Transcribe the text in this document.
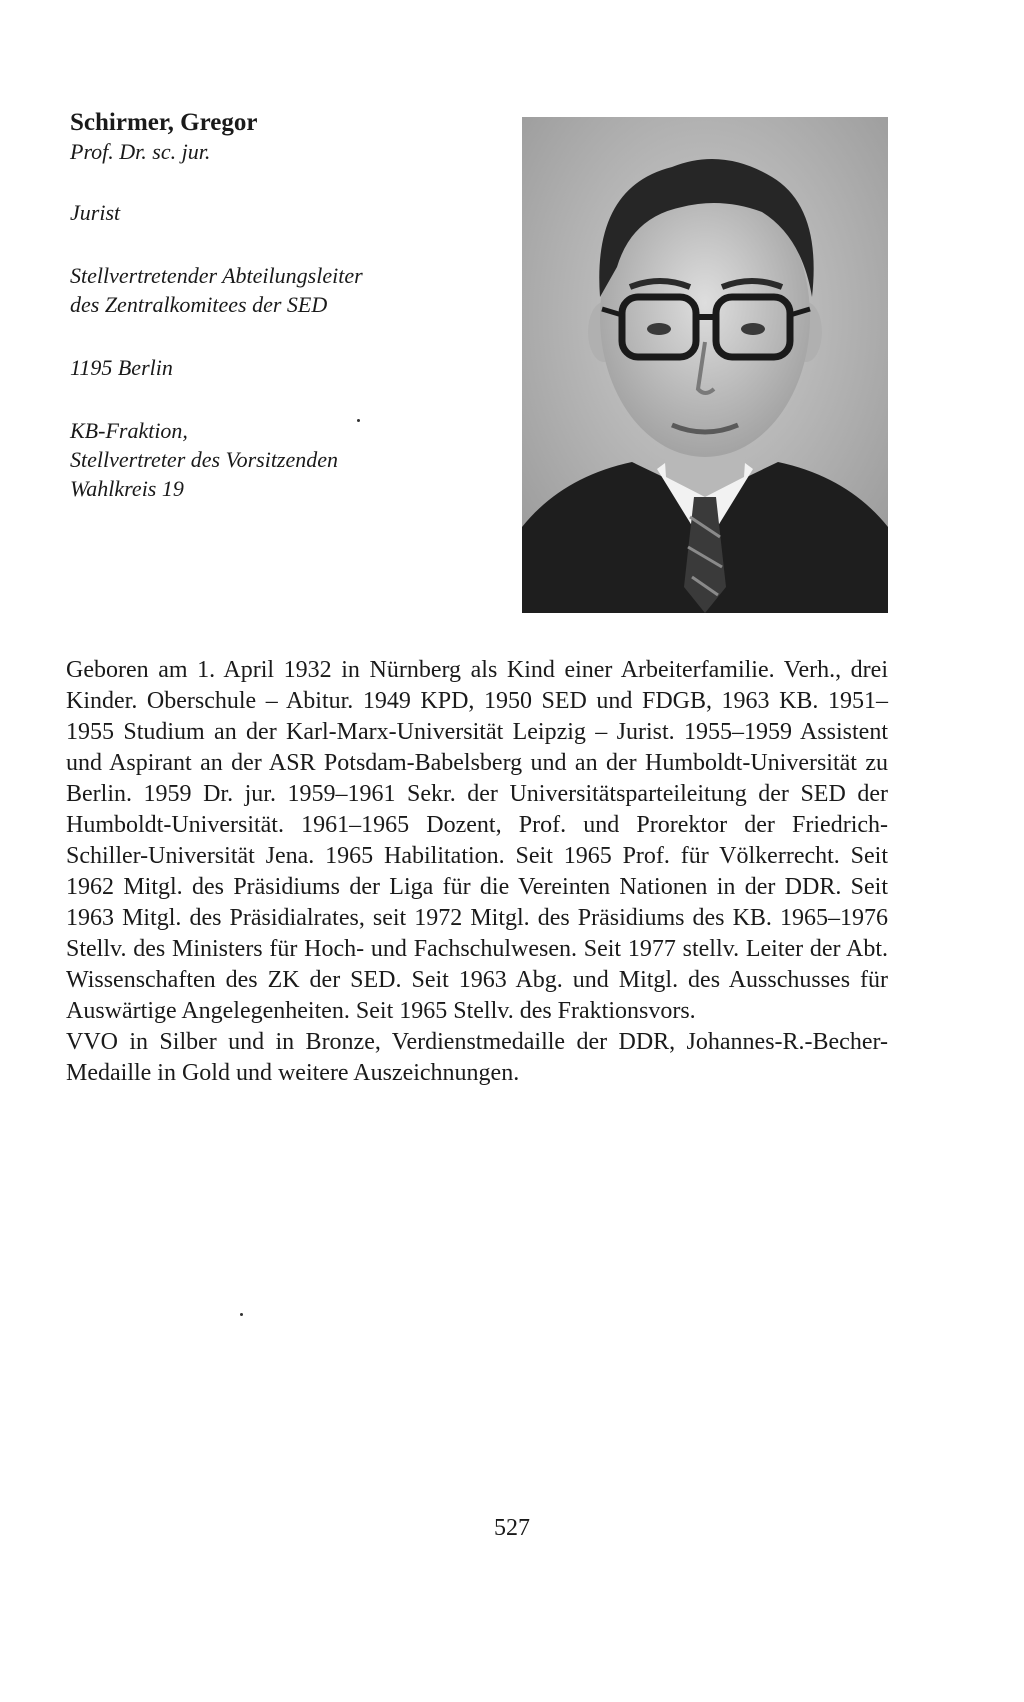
Schirmer, Gregor

Prof. Dr. sc. jur.

Jurist

Stellvertretender Abteilungsleiter

des Zentralkomitees der SED

1195 Berlin

KB-Fraktion,

Stellvertreter des Vorsitzenden

Wahlkreis 19

Geboren am 1. April 1932 in Nürnberg als Kind einer Arbeiterfamilie. Verh., drei Kinder. Oberschule – Abitur. 1949 KPD, 1950 SED und FDGB, 1963 KB. 1951–1955 Studium an der Karl-Marx-Universität Leipzig – Jurist. 1955–1959 Assistent und Aspirant an der ASR Potsdam-Babelsberg und an der Humboldt-Universität zu Berlin. 1959 Dr. jur. 1959–1961 Sekr. der Universitätsparteileitung der SED der Humboldt-Universität. 1961–1965 Dozent, Prof. und Prorektor der Friedrich-Schiller-Universität Jena. 1965 Habilitation. Seit 1965 Prof. für Völkerrecht. Seit 1962 Mitgl. des Präsidiums der Liga für die Vereinten Nationen in der DDR. Seit 1963 Mitgl. des Präsidialrates, seit 1972 Mitgl. des Präsidiums des KB. 1965–1976 Stellv. des Ministers für Hoch- und Fachschulwesen. Seit 1977 stellv. Leiter der Abt. Wissenschaften des ZK der SED. Seit 1963 Abg. und Mitgl. des Ausschusses für Auswärtige Angelegenheiten. Seit 1965 Stellv. des Fraktionsvors.

VVO in Silber und in Bronze, Verdienstmedaille der DDR, Johannes-R.-Becher-Medaille in Gold und weitere Auszeichnungen.

527
